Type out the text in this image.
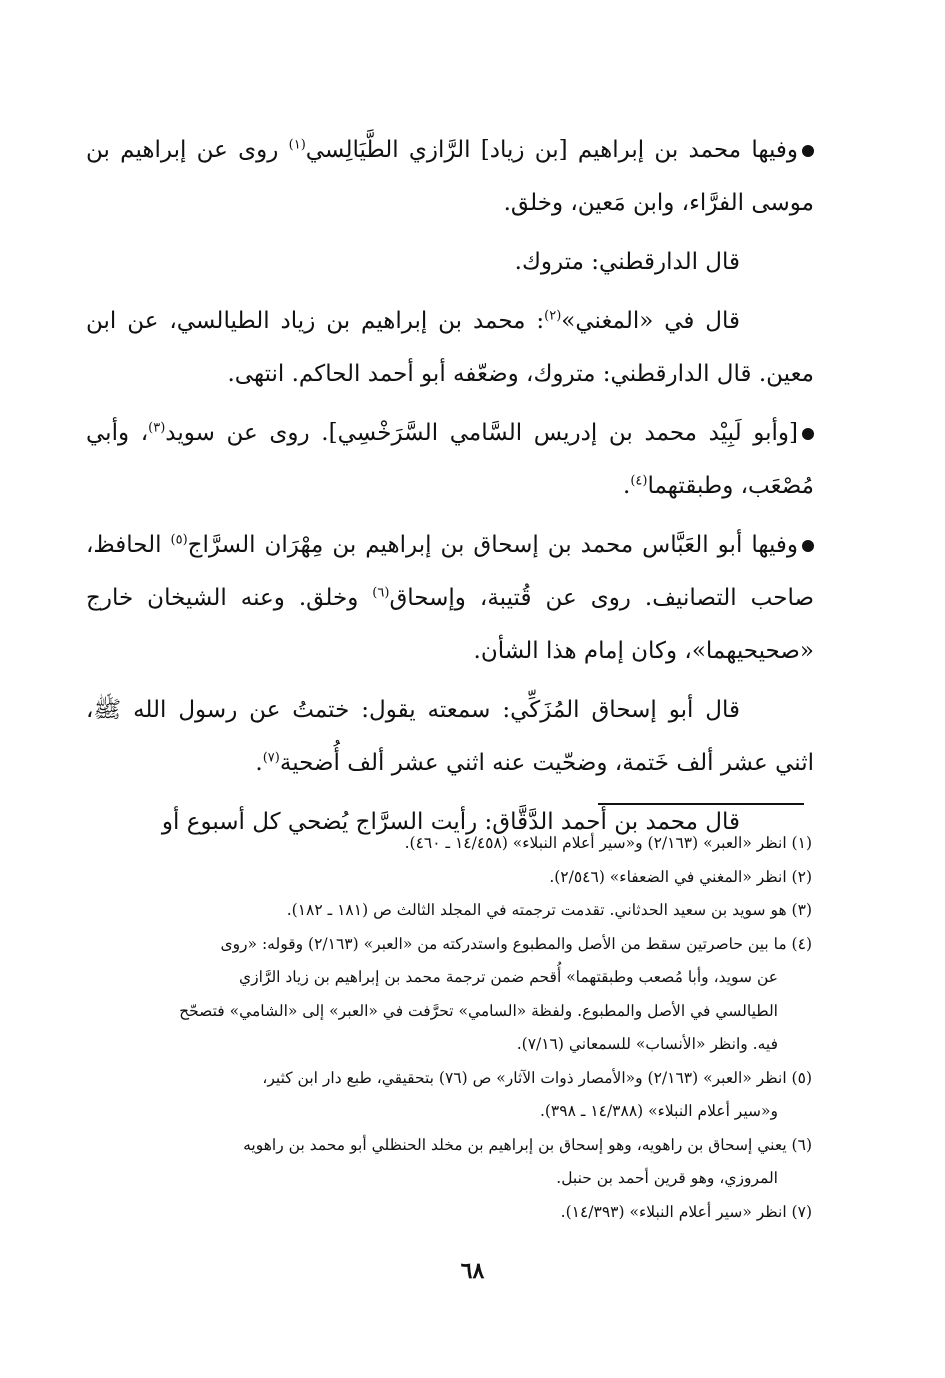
وفيها محمد بن إبراهيم [بن زياد] الرَّازي الطَّيَالِسي$^{(١)}$ روى عن إبراهيم بن موسى الفرَّاء، وابن مَعين، وخلق.

قال الدارقطني: متروك.

قال في «المغني»$^{(٢)}$: محمد بن إبراهيم بن زياد الطيالسي، عن ابن معين. قال الدارقطني: متروك، وضعّفه أبو أحمد الحاكم. انتهى.

[وأبو لَبِيْد محمد بن إدريس السَّامي السَّرَخْسِي]. روى عن سويد$^{(٣)}$، وأبي مُصْعَب، وطبقتهما$^{(٤)}$.

وفيها أبو العَبَّاس محمد بن إسحاق بن إبراهيم بن مِهْرَان السرَّاج$^{(٥)}$ الحافظ، صاحب التصانيف. روى عن قُتيبة، وإسحاق$^{(٦)}$ وخلق. وعنه الشيخان خارج «صحيحيهما»، وكان إمام هذا الشأن.

قال أبو إسحاق المُزَكِّي: سمعته يقول: ختمتُ عن رسول الله ﷺ، اثني عشر ألف خَتمة، وضحّيت عنه اثني عشر ألف أُضحية$^{(٧)}$.

قال محمد بن أحمد الدَّقَّاق: رأيت السرَّاج يُضحي كل أسبوع أو

(١) انظر «العبر» (٢/١٦٣) و«سير أعلام النبلاء» (١٤/٤٥٨ ـ ٤٦٠).

(٢) انظر «المغني في الضعفاء» (٢/٥٤٦).

(٣) هو سويد بن سعيد الحدثاني. تقدمت ترجمته في المجلد الثالث ص (١٨١ ـ ١٨٢).

(٤) ما بين حاصرتين سقط من الأصل والمطبوع واستدركته من «العبر» (٢/١٦٣) وقوله: «روى

عن سويد، وأبا مُصعب وطبقتهما» أُقحم ضمن ترجمة محمد بن إبراهيم بن زياد الرَّازي

الطيالسي في الأصل والمطبوع. ولفظة «السامي» تحرَّفت في «العبر» إلى «الشامي» فتصحّح

فيه. وانظر «الأنساب» للسمعاني (٧/١٦).

(٥) انظر «العبر» (٢/١٦٣) و«الأمصار ذوات الآثار» ص (٧٦) بتحقيقي، طبع دار ابن كثير،

و«سير أعلام النبلاء» (١٤/٣٨٨ ـ ٣٩٨).

(٦) يعني إسحاق بن راهويه، وهو إسحاق بن إبراهيم بن مخلد الحنظلي أبو محمد بن راهويه

المروزي، وهو قرين أحمد بن حنبل.

(٧) انظر «سير أعلام النبلاء» (١٤/٣٩٣).

٦٨
